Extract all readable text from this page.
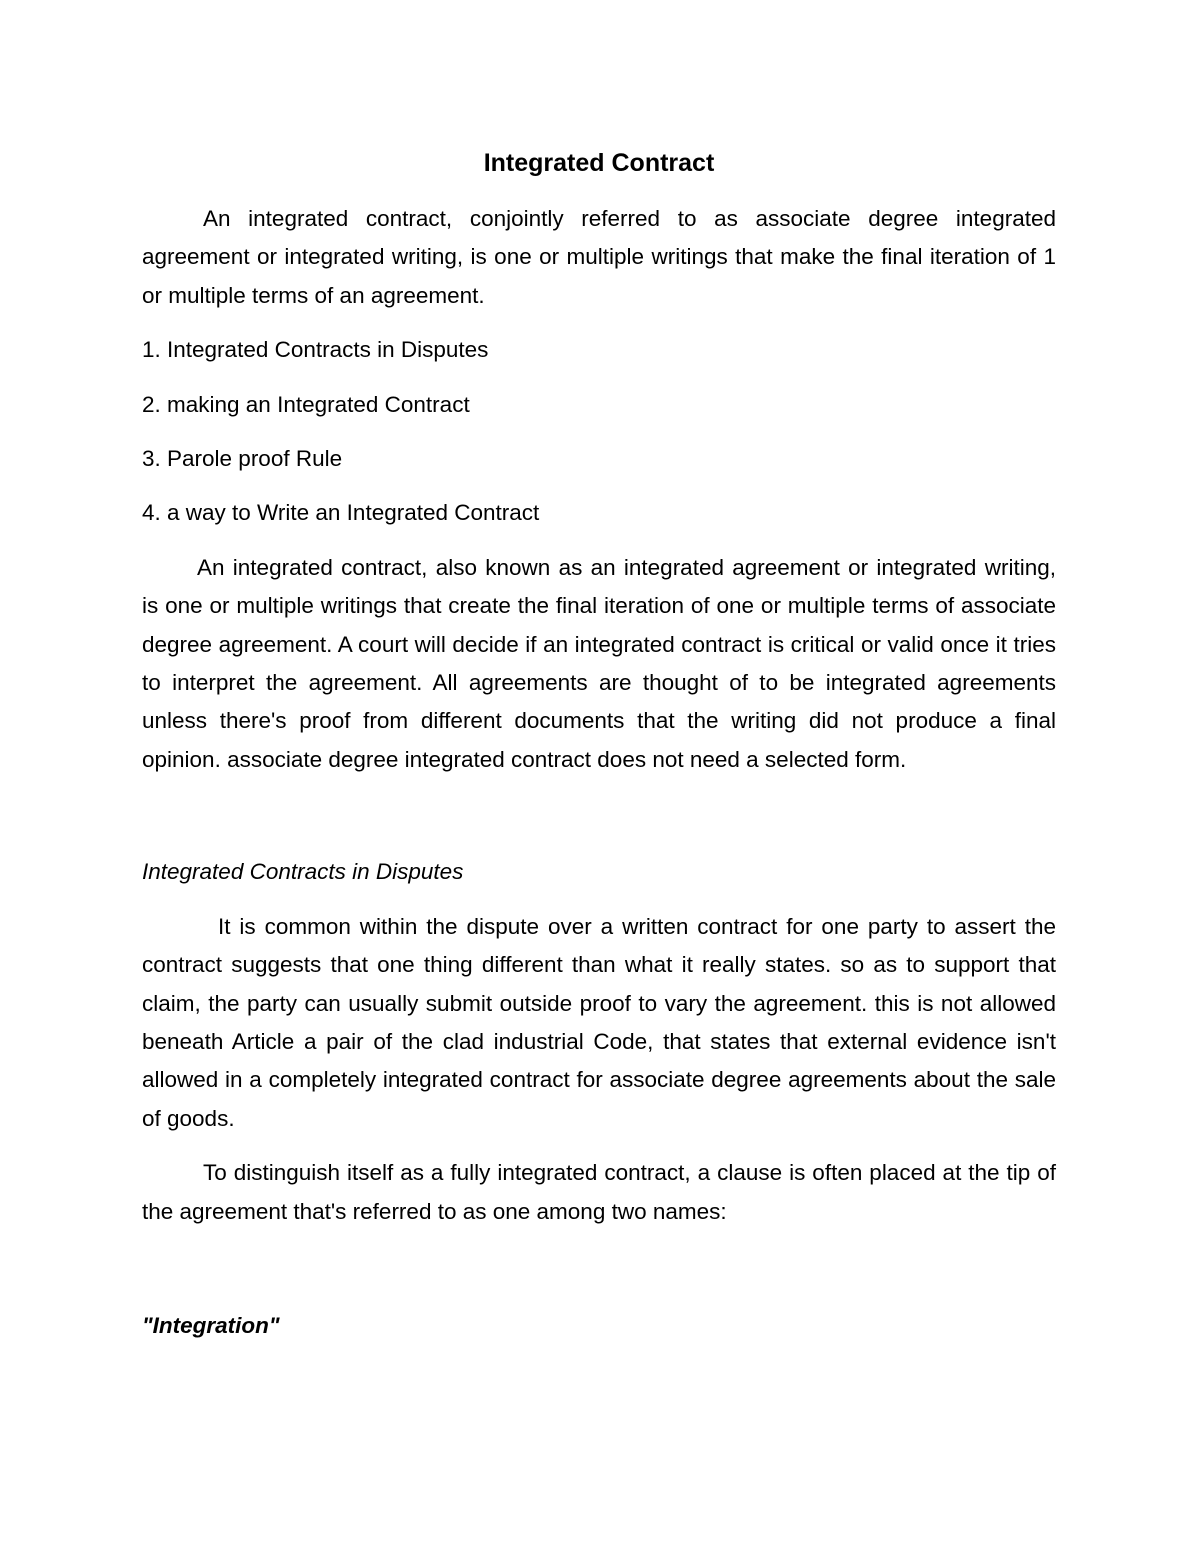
Integrated Contract

An integrated contract, conjointly referred to as associate degree integrated agreement or integrated writing, is one or multiple writings that make the final iteration of 1 or multiple terms of an agreement.

1. Integrated Contracts in Disputes

2. making an Integrated Contract

3. Parole proof Rule

4. a way to Write an Integrated Contract

An integrated contract, also known as an integrated agreement or integrated writing, is one or multiple writings that create the final iteration of one or multiple terms of associate degree agreement. A court will decide if an integrated contract is critical or valid once it tries to interpret the agreement. All agreements are thought of to be integrated agreements unless there's proof from different documents that the writing did not produce a final opinion. associate degree integrated contract does not need a selected form.

Integrated Contracts in Disputes

It is common within the dispute over a written contract for one party to assert the contract suggests that one thing different than what it really states. so as to support that claim, the party can usually submit outside proof to vary the agreement. this is not allowed beneath Article a pair of the clad industrial Code, that states that external evidence isn't allowed in a completely integrated contract for associate degree agreements about the sale of goods.

To distinguish itself as a fully integrated contract, a clause is often placed at the tip of the agreement that's referred to as one among two names:

"Integration"
